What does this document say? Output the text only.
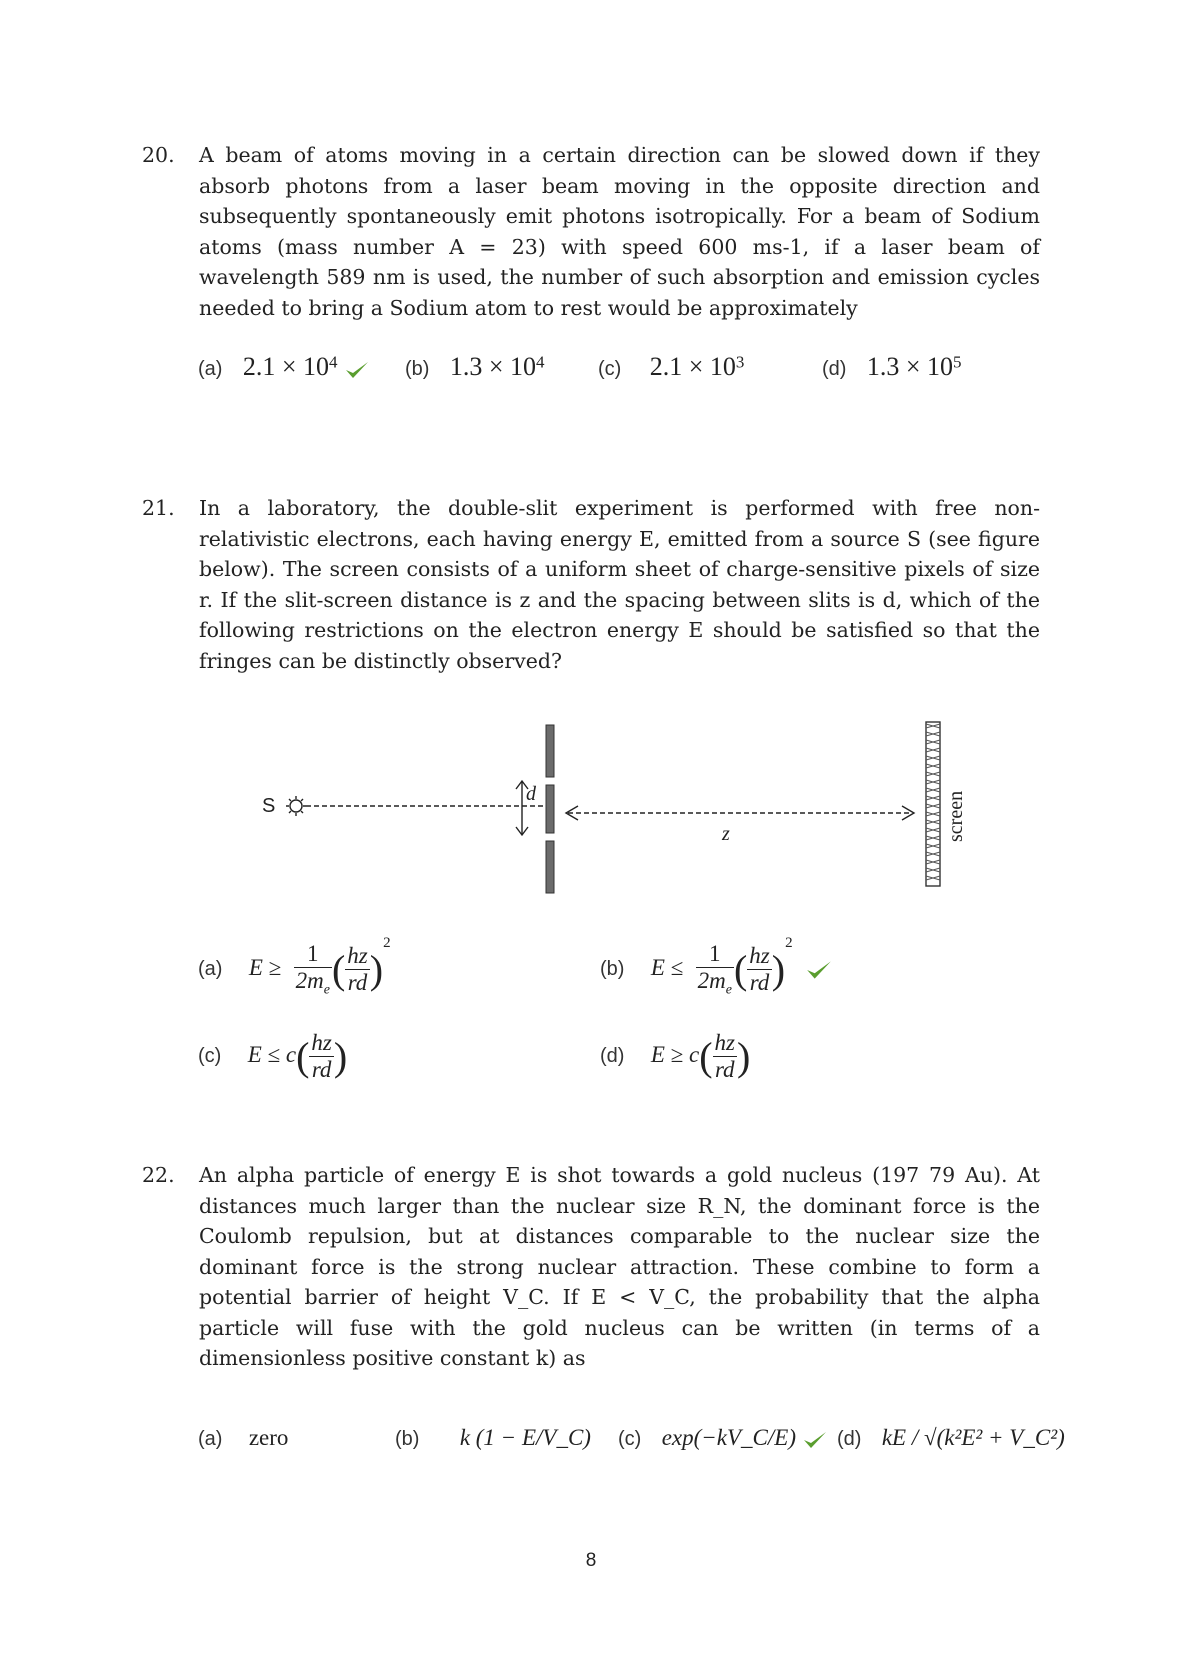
20. A beam of atoms moving in a certain direction can be slowed down if they absorb photons from a laser beam moving in the opposite direction and subsequently spontaneously emit photons isotropically. For a beam of Sodium atoms (mass number A = 23) with speed 600 ms-1, if a laser beam of wavelength 589 nm is used, the number of such absorption and emission cycles needed to bring a Sodium atom to rest would be approximately
(a) $2.1 \times 10^4$	(b) $1.3 \times 10^4$	(c) $2.1 \times 10^3$	(d) $1.3 \times 10^5$
21. In a laboratory, the double-slit experiment is performed with free non-relativistic electrons, each having energy E, emitted from a source S (see figure below). The screen consists of a uniform sheet of charge-sensitive pixels of size r. If the slit-screen distance is z and the spacing between slits is d, which of the following restrictions on the electron energy E should be satisfied so that the fringes can be distinctly observed?
S
d
z	screen
(a) $E \ge \frac{1}{2m_e}$ ( $\frac{hz}{rd} )^2$
(b) $E \le \frac{1}{2m_e}$ ( $\frac{hz}{rd} )^2$
(c) $E \le c( \frac{hz}{rd}$ )	(d) $E \ge c( \frac{hz}{rd}$ )
22. An alpha particle of energy E is shot towards a gold nucleus (197 79 Au). At distances much larger than the nuclear size R_N, the dominant force is the Coulomb repulsion, but at distances comparable to the nuclear size the dominant force is the strong nuclear attraction. These combine to form a potential barrier of height V_C. If E < V_C, the probability that the alpha particle will fuse with the gold nucleus can be written (in terms of a dimensionless positive constant k) as
(a) zero	(b) k (1 − E/V_C) (c) exp(−kV_C/E)	(d) kE / √(k²E² + V_C²)
8
